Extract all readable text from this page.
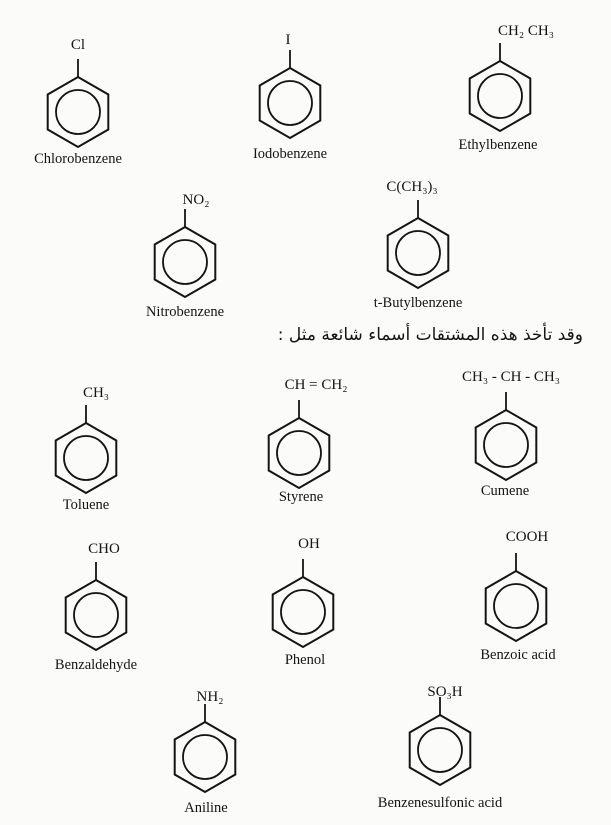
وقد تأخذ هذه المشتقات أسماء شائعة مثل :
Cl
Chlorobenzene
I
Iodobenzene
CH₂ CH₃
Ethylbenzene
NO₂
Nitrobenzene
C(CH₃)₃
t-Butylbenzene
CH₃
Toluene
CH = CH₂
Styrene
CH₃ - CH - CH₃
Cumene
CHO
Benzaldehyde
OH
Phenol
COOH
Benzoic acid
NH₂
Aniline
SO₃H
Benzenesulfonic acid
